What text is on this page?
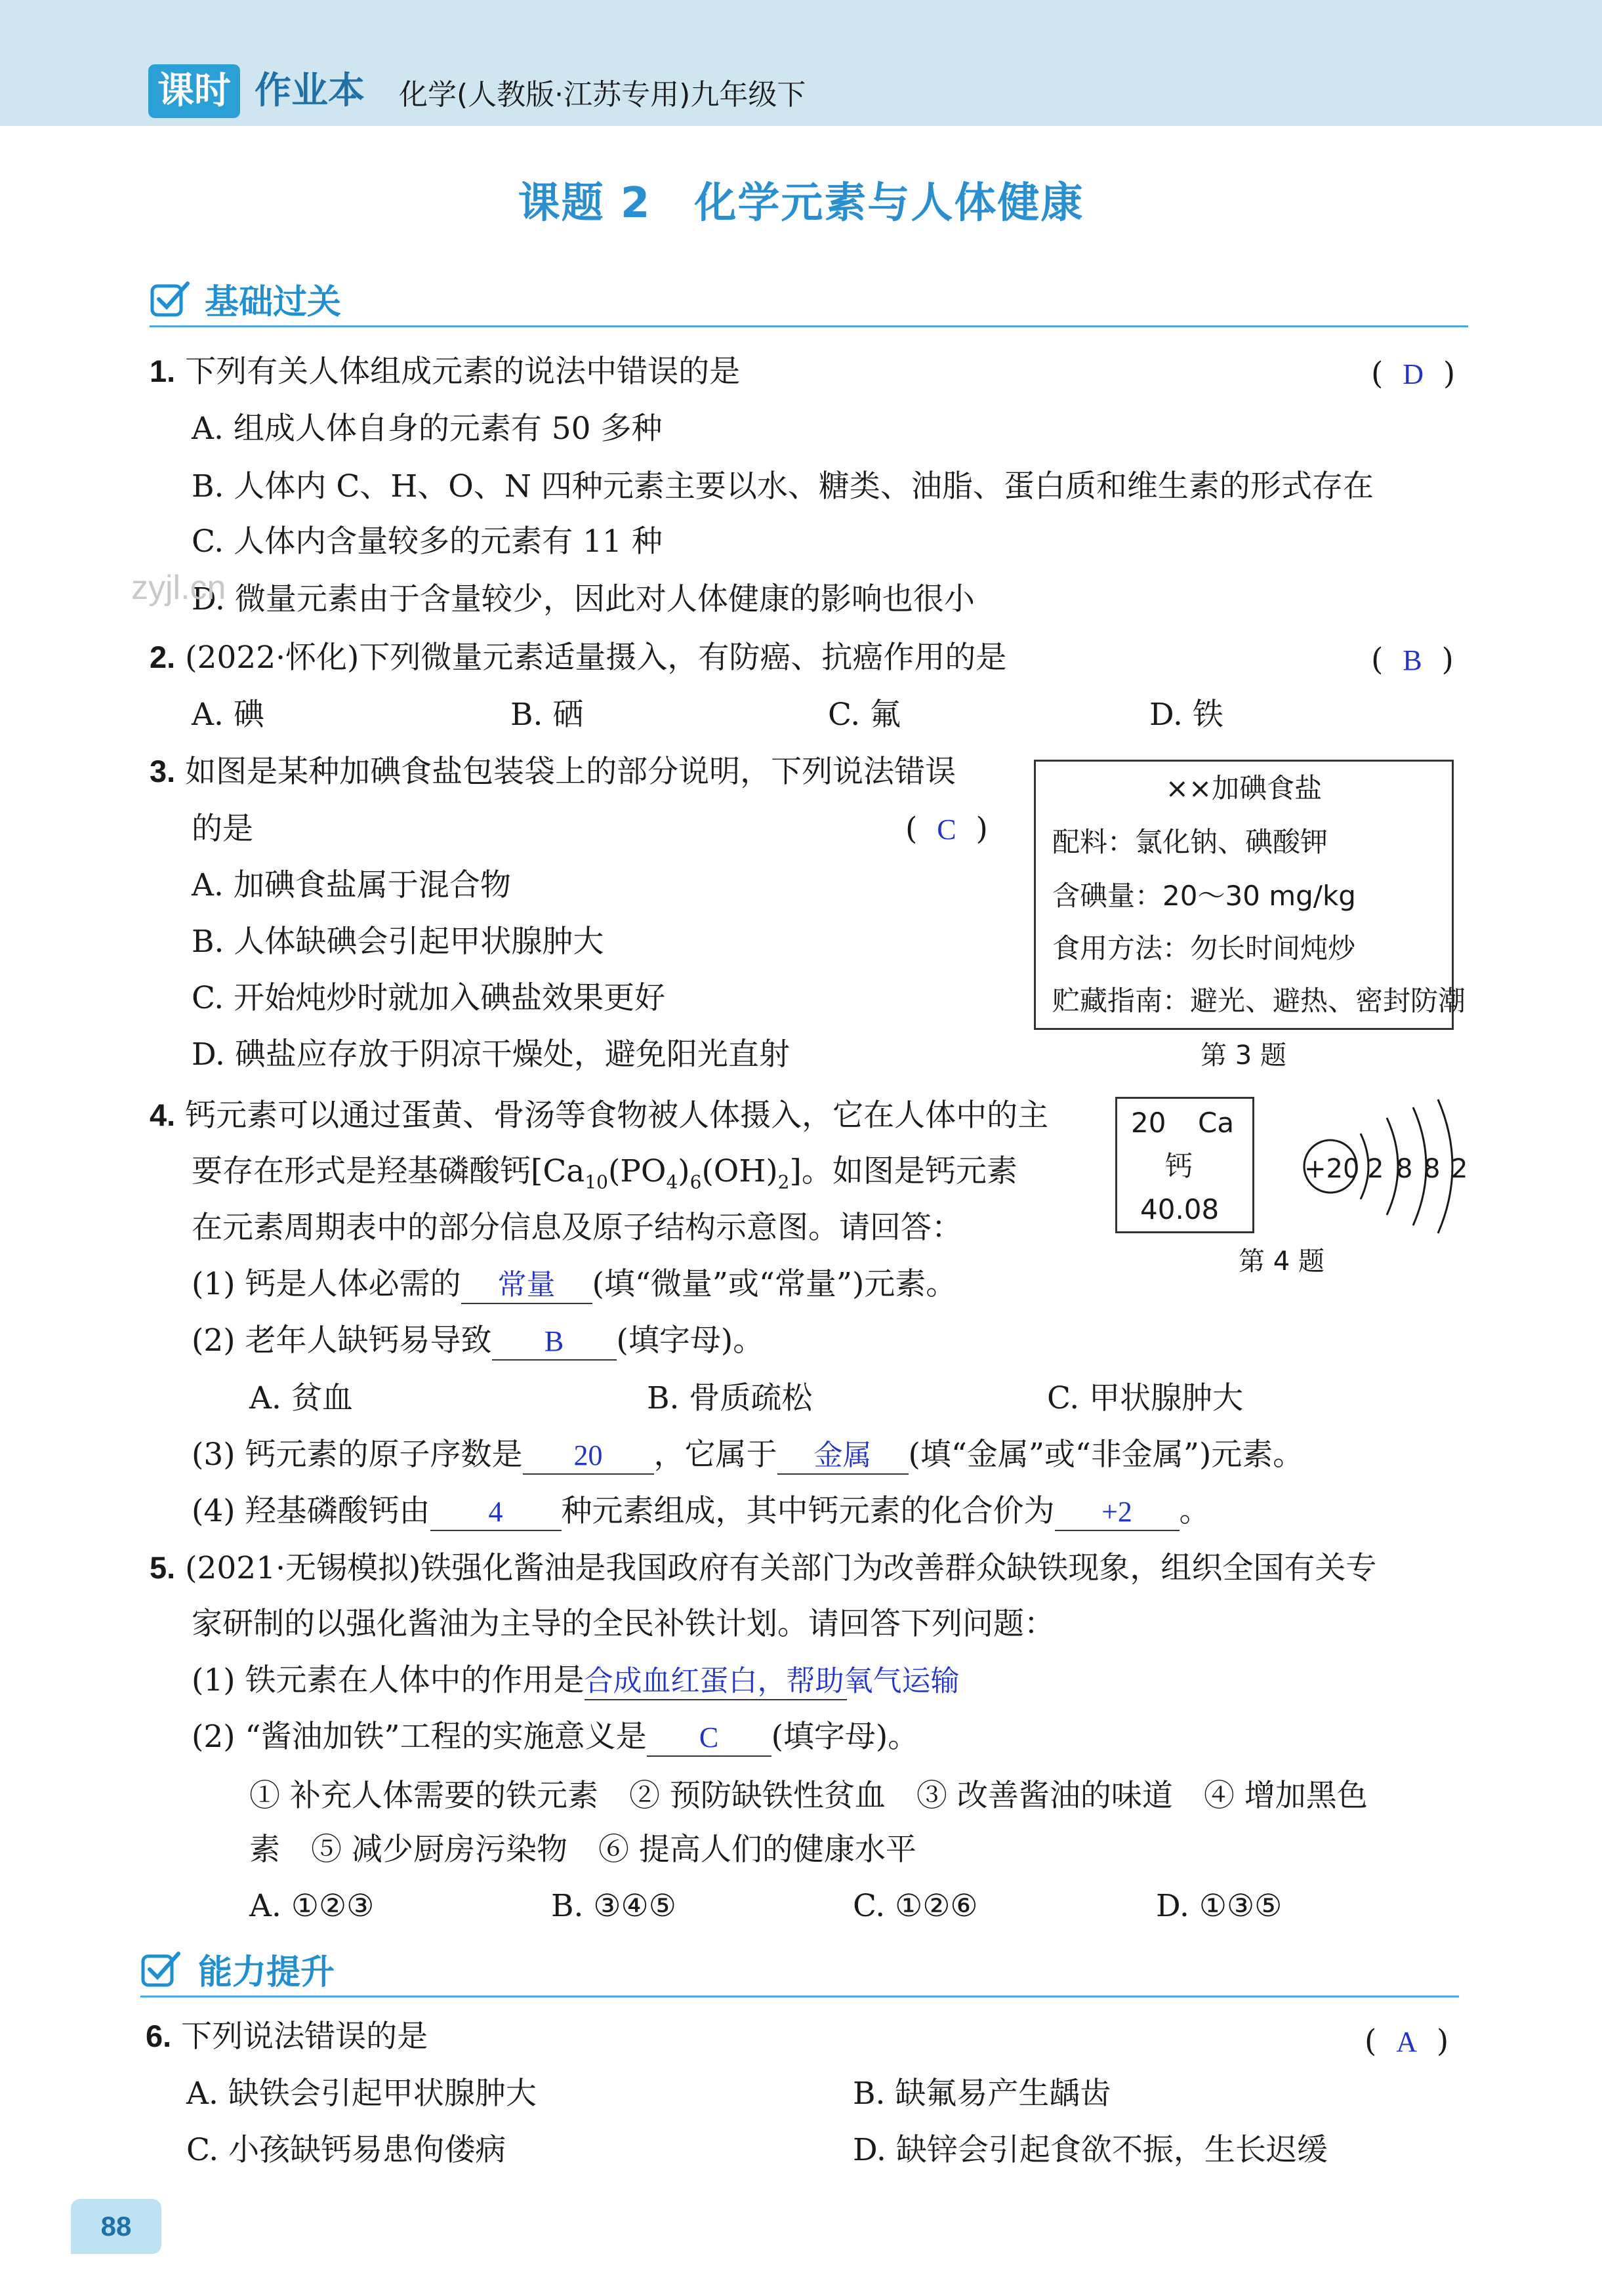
课时 作业本 化学(人教版·江苏专用)九年级下
课题 2　化学元素与人体健康
基础过关
1. 下列有关人体组成元素的说法中错误的是	(  D  )
A. 组成人体自身的元素有 50 多种
B. 人体内 C、H、O、N 四种元素主要以水、糖类、油脂、蛋白质和维生素的形式存在
C. 人体内含量较多的元素有 11 种
D. 微量元素由于含量较少，因此对人体健康的影响也很小
zyjl.cn
2. (2022·怀化)下列微量元素适量摄入，有防癌、抗癌作用的是	(  B  )
A. 碘	B. 硒	C. 氟	D. 铁
3. 如图是某种加碘食盐包装袋上的部分说明，下列说法错误
的是	(  C  )
A. 加碘食盐属于混合物
B. 人体缺碘会引起甲状腺肿大
C. 开始炖炒时就加入碘盐效果更好
D. 碘盐应存放于阴凉干燥处，避免阳光直射
××加碘食盐
配料：氯化钠、碘酸钾
含碘量：20～30 mg/kg
食用方法：勿长时间炖炒
贮藏指南：避光、避热、密封防潮
第 3 题
4. 钙元素可以通过蛋黄、骨汤等食物被人体摄入，它在人体中的主
要存在形式是羟基磷酸钙$[Ca_{10}(PO_4)_6(OH)_2]$。如图是钙元素
在元素周期表中的部分信息及原子结构示意图。请回答：
20 Ca
钙
40.08
+20 2 8 8 2
第 4 题
(1) 钙是人体必需的 常量 (填“微量”或“常量”)元素。
(2) 老年人缺钙易导致 B (填字母)。
A. 贫血	B. 骨质疏松	C. 甲状腺肿大
(3) 钙元素的原子序数是 20 ，它属于 金属 (填“金属”或“非金属”)元素。
(4) 羟基磷酸钙由 4 种元素组成，其中钙元素的化合价为 +2 。
5. (2021·无锡模拟)铁强化酱油是我国政府有关部门为改善群众缺铁现象，组织全国有关专
家研制的以强化酱油为主导的全民补铁计划。请回答下列问题：
(1) 铁元素在人体中的作用是合成血红蛋白，帮助氧气运输
(2) “酱油加铁”工程的实施意义是 C (填字母)。
① 补充人体需要的铁元素　② 预防缺铁性贫血　③ 改善酱油的味道　④ 增加黑色
素　⑤ 减少厨房污染物　⑥ 提高人们的健康水平
A. ①②③	B. ③④⑤	C. ①②⑥	D. ①③⑤
能力提升
6. 下列说法错误的是	(  A  )
A. 缺铁会引起甲状腺肿大	B. 缺氟易产生龋齿
C. 小孩缺钙易患佝偻病	D. 缺锌会引起食欲不振，生长迟缓
88
